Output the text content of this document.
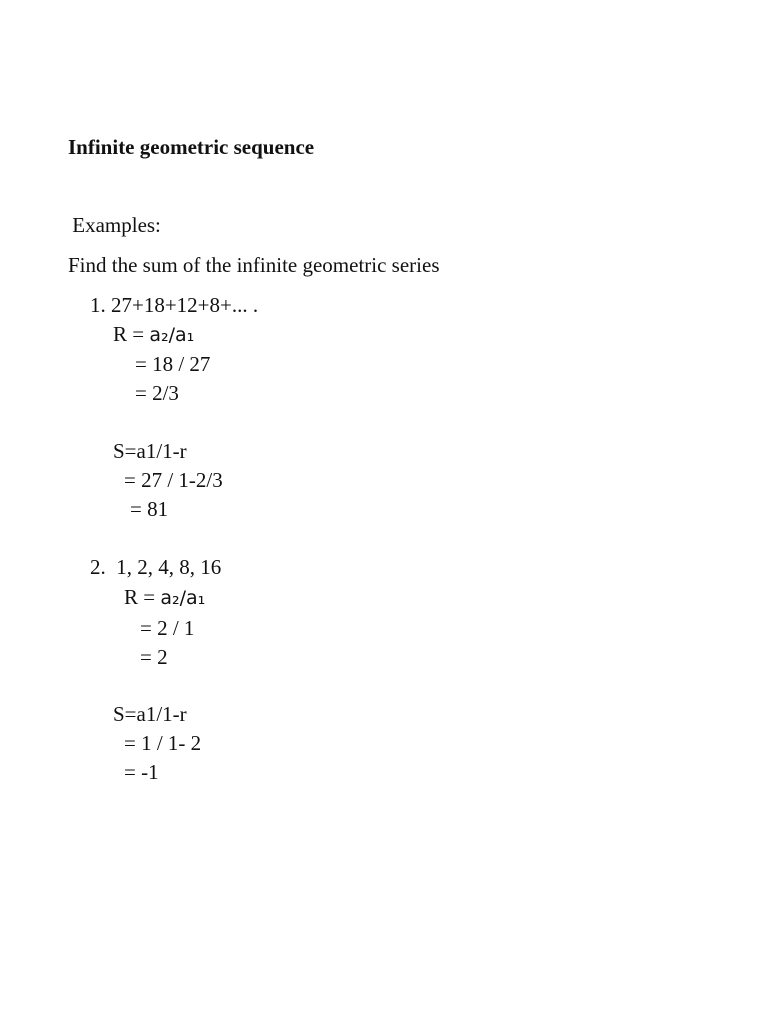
Infinite geometric sequence
Examples:
Find the sum of the infinite geometric series
1. 27+18+12+8+... .
R = a₂/a₁
= 18 / 27
= 2/3
S=a1/1-r
= 27 / 1-2/3
= 81
2.  1, 2, 4, 8, 16
R = a₂/a₁
= 2 / 1
= 2
S=a1/1-r
= 1 / 1- 2
= -1
